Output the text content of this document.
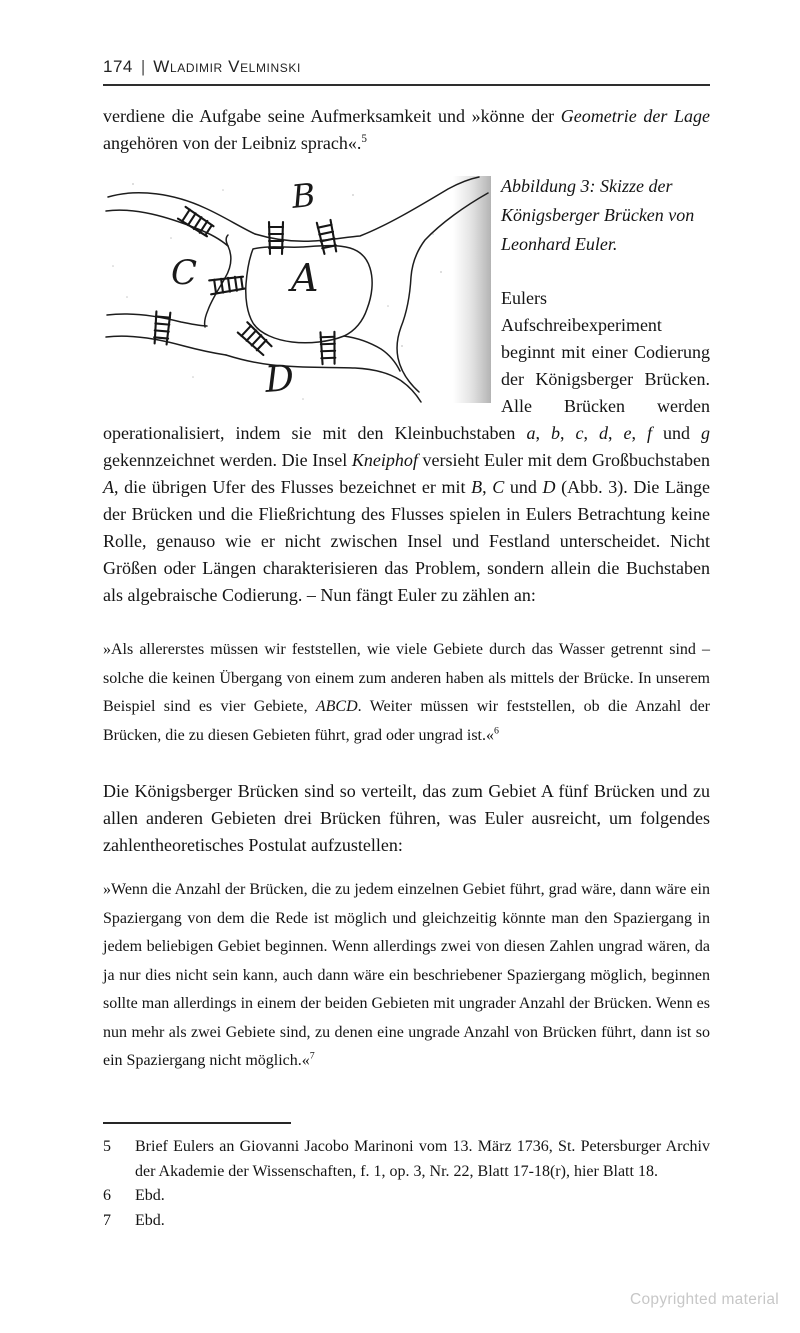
174 | Wladimir Velminski

verdiene die Aufgabe seine Aufmerksamkeit und »könne der Geometrie der Lage angehören von der Leibniz sprach«.$^5$

B
C A
D

Abbildung 3: Skizze der Königsberger Brücken von Leonhard Euler.

Eulers Aufschreibexperiment beginnt mit einer Codierung der Königsberger Brücken. Alle Brücken werden operationalisiert, indem sie mit den Kleinbuchstaben a, b, c, d, e, f und g gekennzeichnet werden. Die Insel Kneiphof versieht Euler mit dem Großbuchstaben A, die übrigen Ufer des Flusses bezeichnet er mit B, C und D (Abb. 3). Die Länge der Brücken und die Fließrichtung des Flusses spielen in Eulers Betrachtung keine Rolle, genauso wie er nicht zwischen Insel und Festland unterscheidet. Nicht Größen oder Längen charakterisieren das Problem, sondern allein die Buchstaben als algebraische Codierung. – Nun fängt Euler zu zählen an:

»Als allererstes müssen wir feststellen, wie viele Gebiete durch das Wasser getrennt sind – solche die keinen Übergang von einem zum anderen haben als mittels der Brücke. In unserem Beispiel sind es vier Gebiete, ABCD. Weiter müssen wir feststellen, ob die Anzahl der Brücken, die zu diesen Gebieten führt, grad oder ungrad ist.«$^6$

Die Königsberger Brücken sind so verteilt, das zum Gebiet A fünf Brücken und zu allen anderen Gebieten drei Brücken führen, was Euler ausreicht, um folgendes zahlentheoretisches Postulat aufzustellen:

»Wenn die Anzahl der Brücken, die zu jedem einzelnen Gebiet führt, grad wäre, dann wäre ein Spaziergang von dem die Rede ist möglich und gleichzeitig könnte man den Spaziergang in jedem beliebigen Gebiet beginnen. Wenn allerdings zwei von diesen Zahlen ungrad wären, da ja nur dies nicht sein kann, auch dann wäre ein beschriebener Spaziergang möglich, beginnen sollte man allerdings in einem der beiden Gebieten mit ungrader Anzahl der Brücken. Wenn es nun mehr als zwei Gebiete sind, zu denen eine ungrade Anzahl von Brücken führt, dann ist so ein Spaziergang nicht möglich.«$^7$

5	Brief Eulers an Giovanni Jacobo Marinoni vom 13. März 1736, St. Petersburger Archiv der Akademie der Wissenschaften, f. 1, op. 3, Nr. 22, Blatt 17-18(r), hier Blatt 18.
6	Ebd.
7	Ebd.
Copyrighted material
